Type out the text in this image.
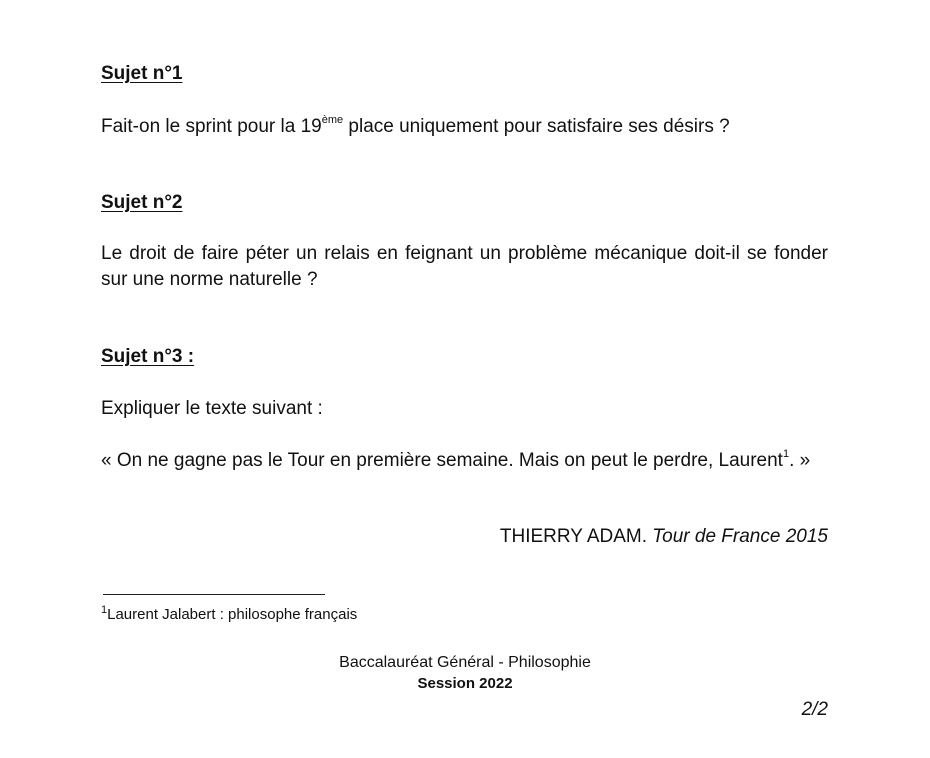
Sujet n°1
Fait-on le sprint pour la 19ème place uniquement pour satisfaire ses désirs ?
Sujet n°2
Le droit de faire péter un relais en feignant un problème mécanique doit-il se fonder sur une norme naturelle ?
Sujet n°3 :
Expliquer le texte suivant :
« On ne gagne pas le Tour en première semaine. Mais on peut le perdre, Laurent$^1$. »
THIERRY ADAM. Tour de France 2015
$^1$Laurent Jalabert : philosophe français
Baccalauréat Général - Philosophie
Session 2022
2/2
